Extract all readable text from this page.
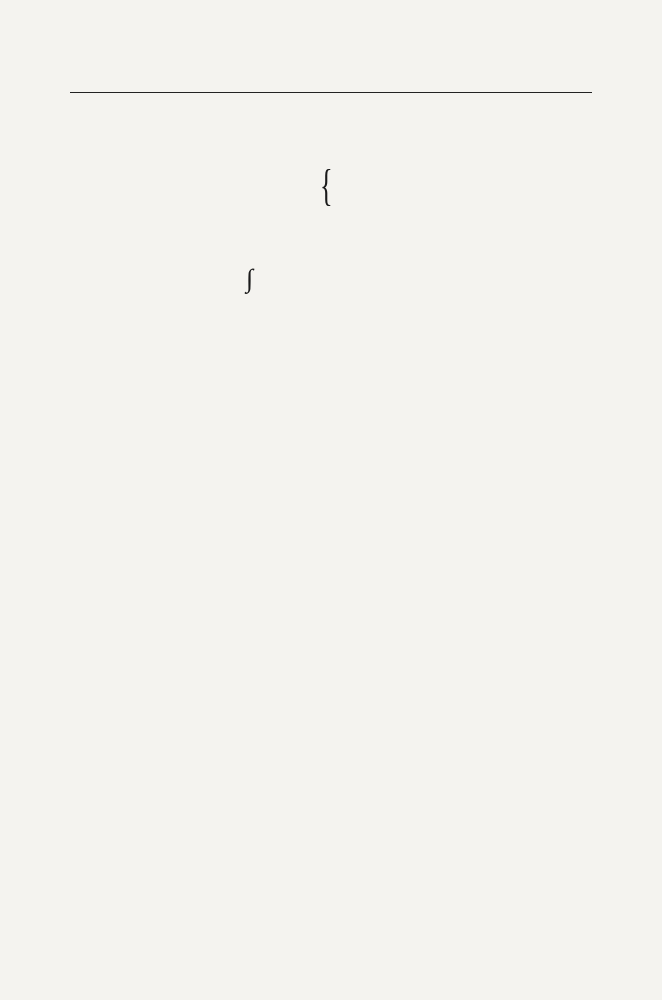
{
∫
